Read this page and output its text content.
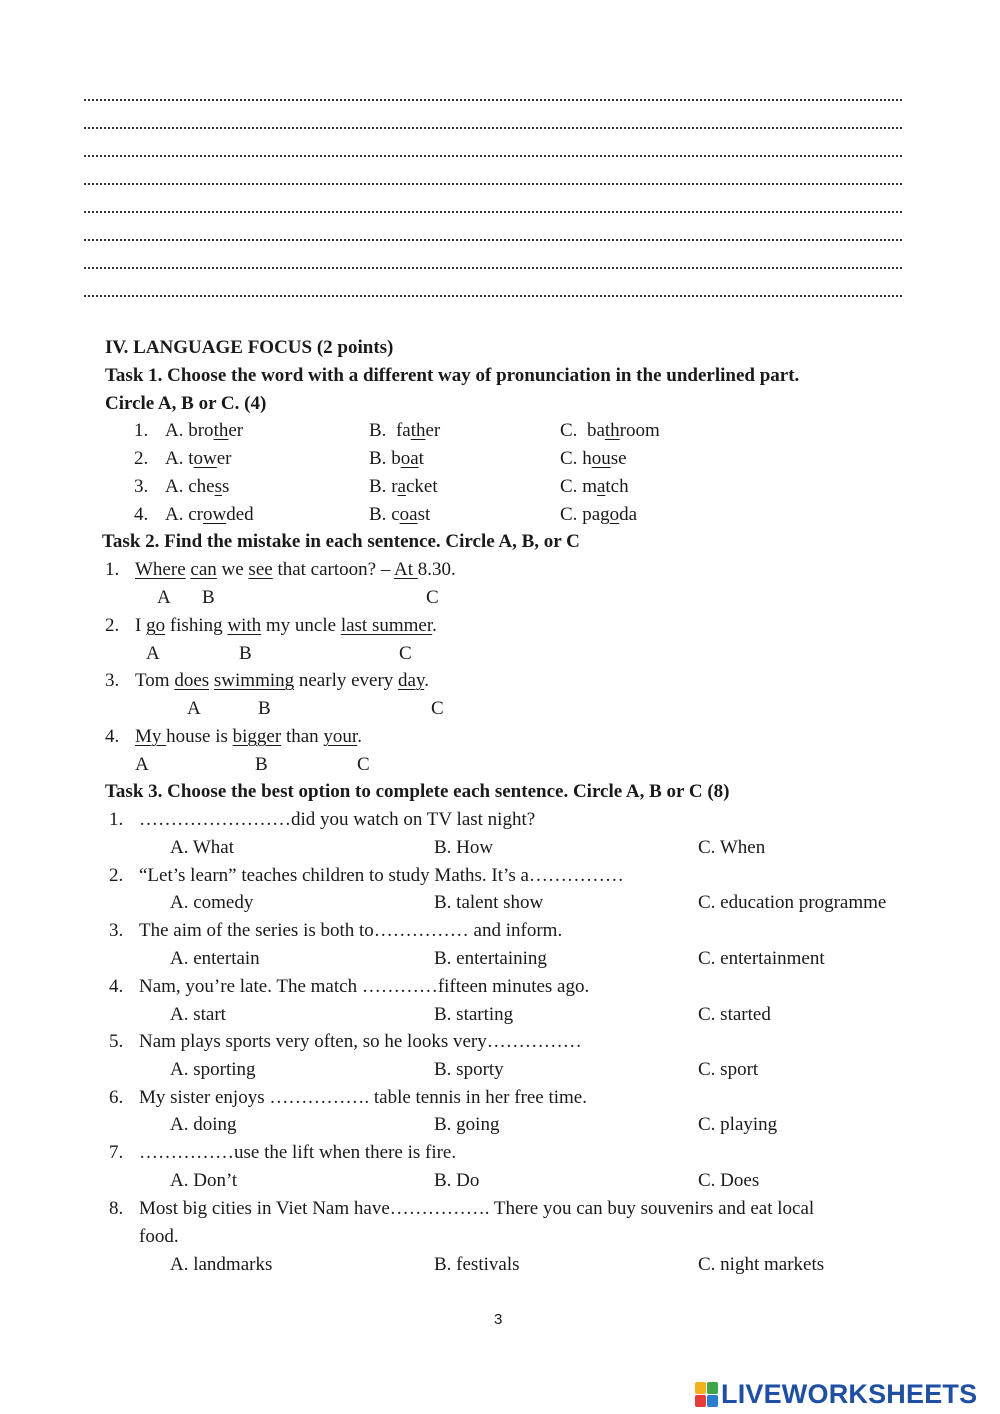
IV. LANGUAGE FOCUS (2 points)
Task 1. Choose the word with a different way of pronunciation in the underlined part.
Circle A, B or C. (4)
1. A. brother	B. father	C. bathroom
2. A. tower	B. boat	C. house
3. A. chess	B. racket	C. match
4. A. crowded	B. coast	C. pagoda
Task 2. Find the mistake in each sentence. Circle A, B, or C
1. Where can we see that cartoon? – At 8.30.
A B	C
2. I go fishing with my uncle last summer.
A	B	C
3. Tom does swimming nearly every day.
A	B	C
4. My house is bigger than your.
A	B	C
Task 3. Choose the best option to complete each sentence. Circle A, B or C (8)
1. ……………………did you watch on TV last night?
A. What	B. How	C. When
2. “Let’s learn” teaches children to study Maths. It’s a……………
A. comedy	B. talent show	C. education programme
3. The aim of the series is both to…………… and inform.
A. entertain	B. entertaining	C. entertainment
4. Nam, you’re late. The match …………fifteen minutes ago.
A. start	B. starting	C. started
5. Nam plays sports very often, so he looks very……………
A. sporting	B. sporty	C. sport
6. My sister enjoys ……………. table tennis in her free time.
A. doing	B. going	C. playing
7. ……………use the lift when there is fire.
A. Don’t	B. Do	C. Does
8. Most big cities in Viet Nam have……………. There you can buy souvenirs and eat local
food.
A. landmarks	B. festivals	C. night markets
3
LIVEWORKSHEETS
